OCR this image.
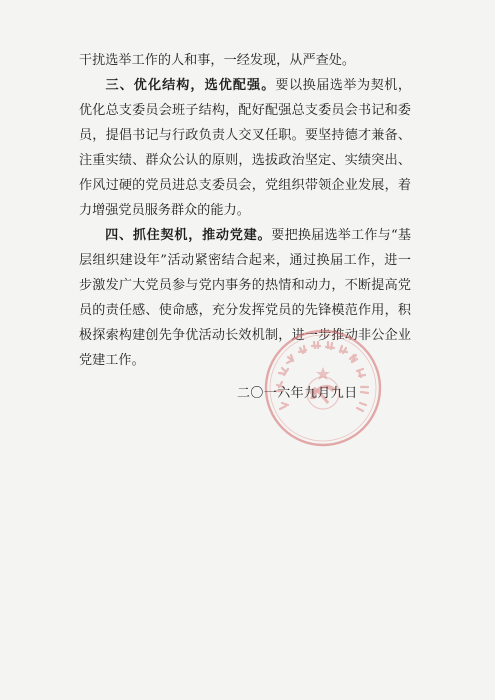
干扰选举工作的人和事，一经发现，从严查处。

三、优化结构，选优配强。要以换届选举为契机，优化总支委员会班子结构，配好配强总支委员会书记和委员，提倡书记与行政负责人交叉任职。要坚持德才兼备、注重实绩、群众公认的原则，选拔政治坚定、实绩突出、作风过硬的党员进总支委员会，党组织带领企业发展，着力增强党员服务群众的能力。

四、抓住契机，推动党建。要把换届选举工作与“基层组织建设年”活动紧密结合起来，通过换届工作，进一步激发广大党员参与党内事务的热情和动力，不断提高党员的责任感、使命感，充分发挥党员的先锋模范作用，积极探索构建创先争优活动长效机制，进一步推动非公企业党建工作。

二〇一六年九月九日
